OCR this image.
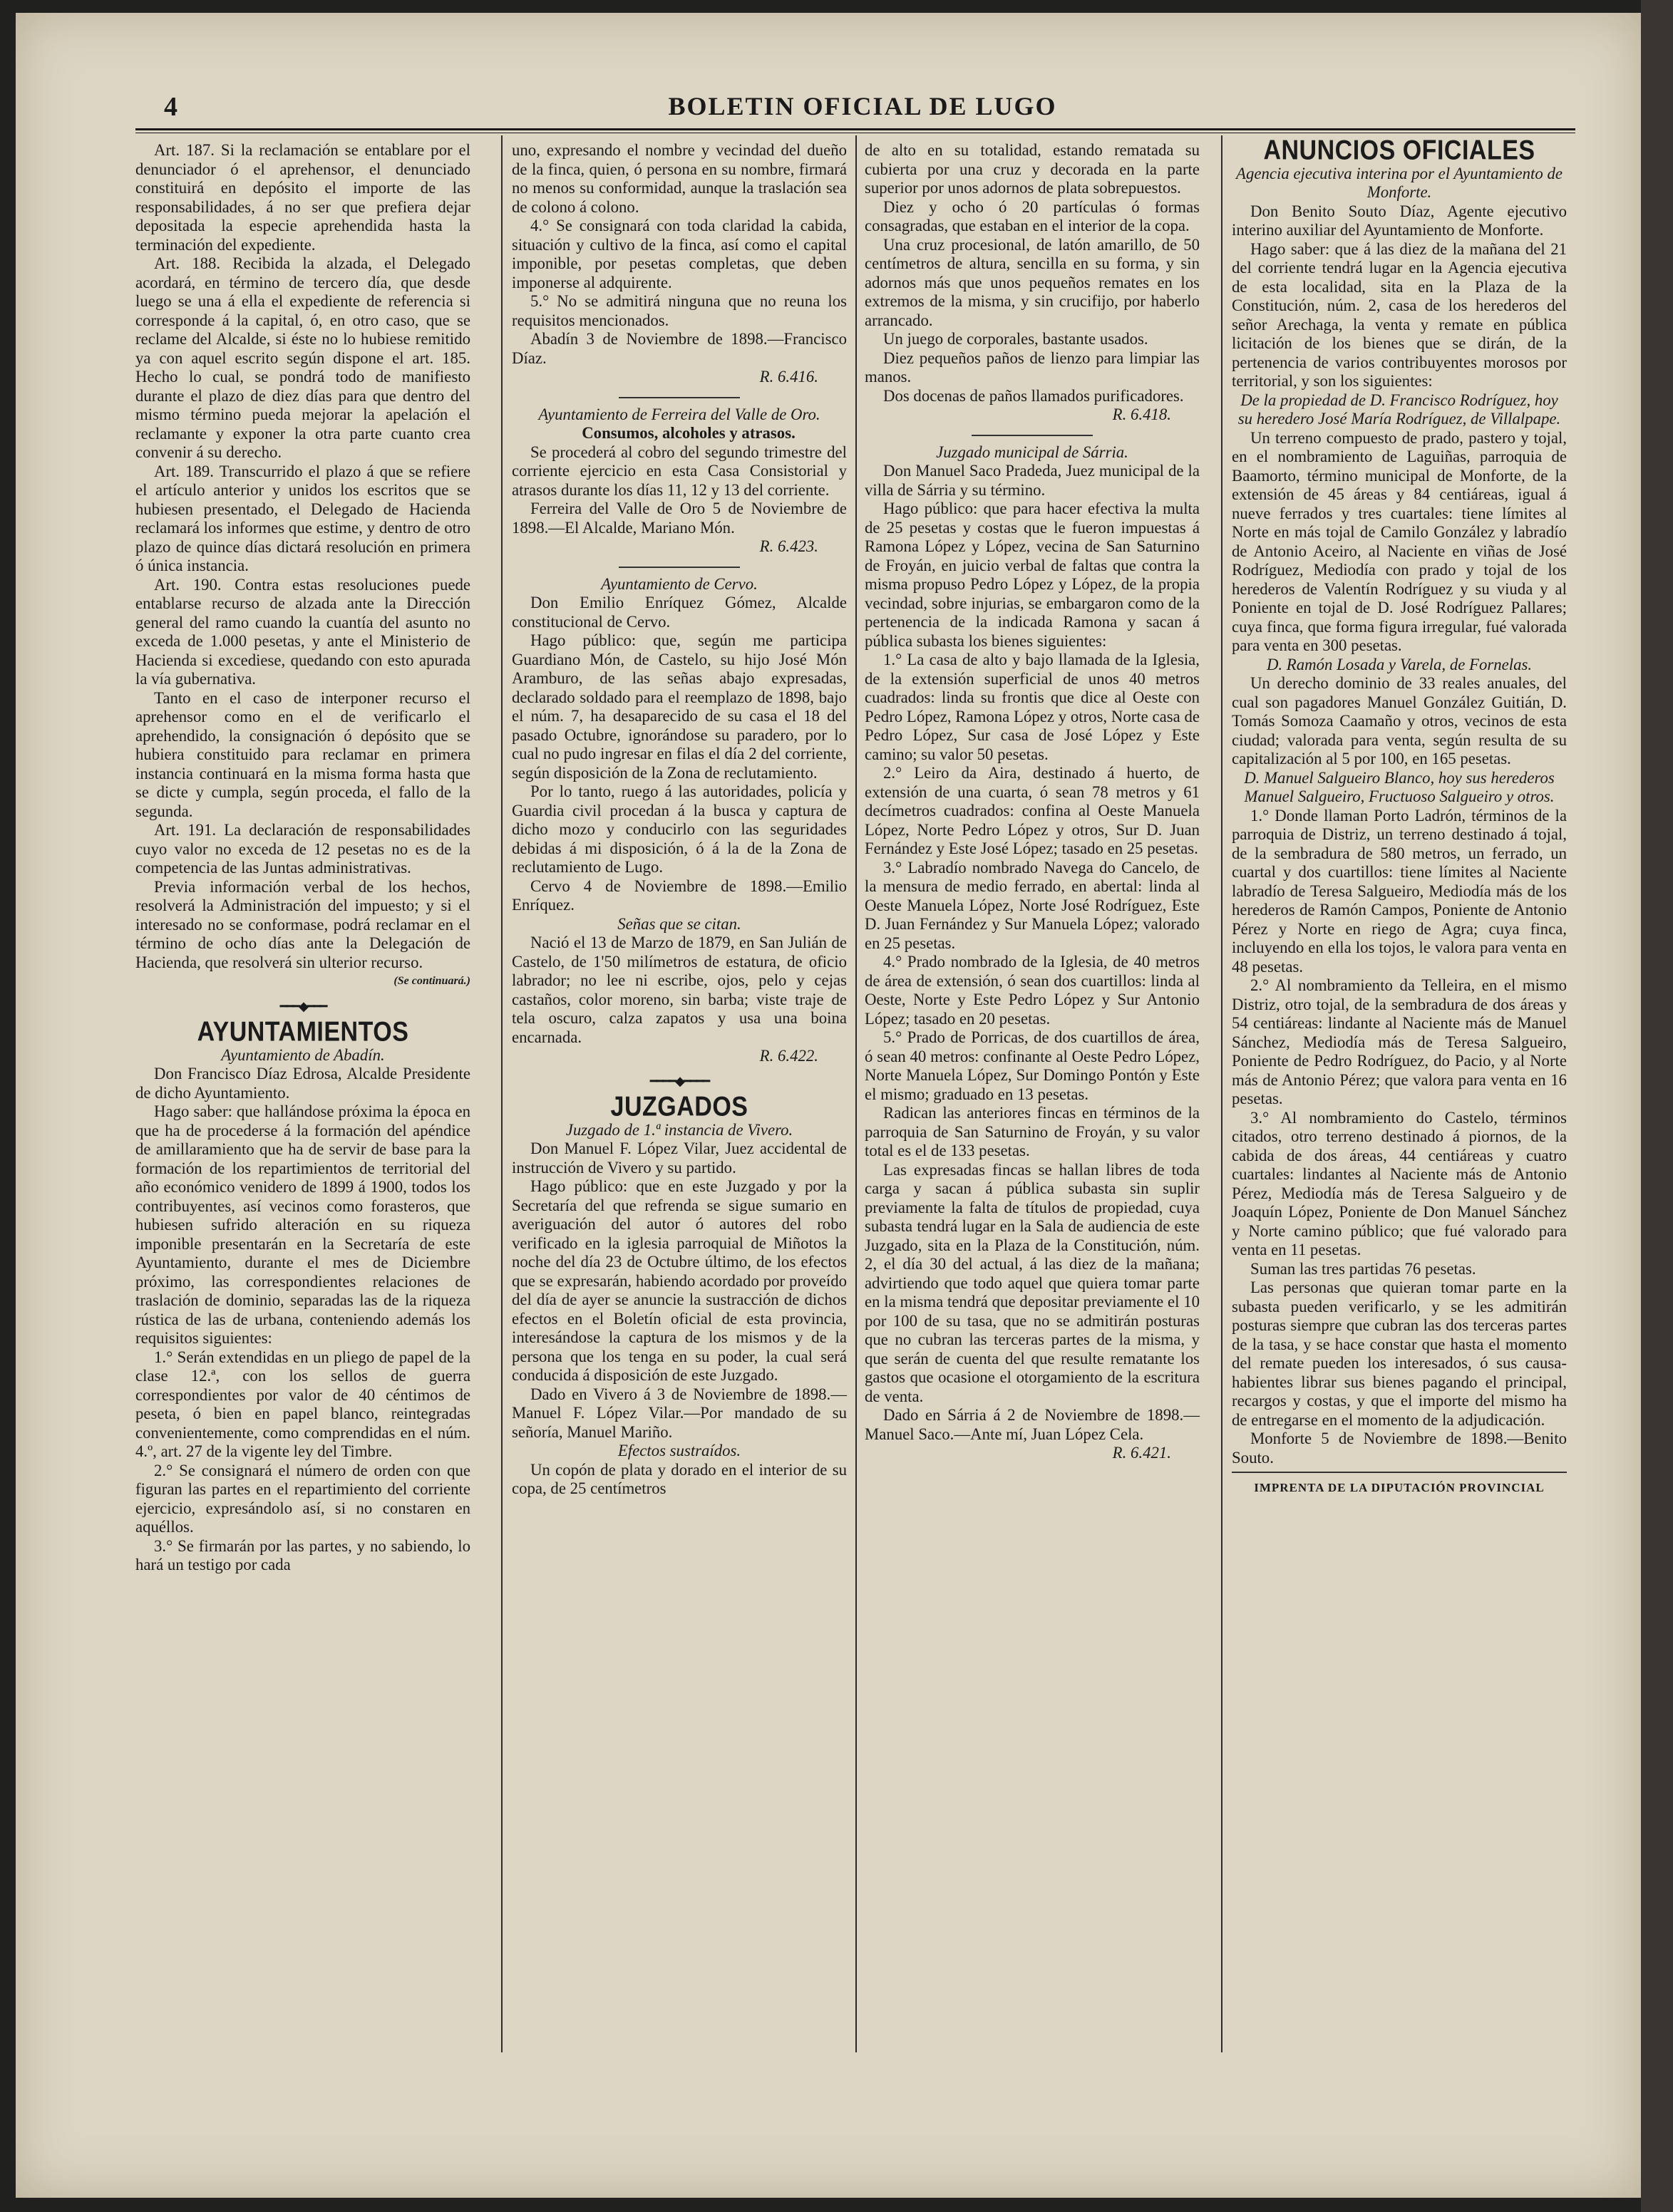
4	BOLETIN OFICIAL DE LUGO

Art. 187. Si la reclamación se entablare por el denunciador ó el aprehensor, el denunciado constituirá en depósito el importe de las responsabilidades, á no ser que prefiera dejar depositada la especie aprehendida hasta la terminación del expediente.

Art. 188. Recibida la alzada, el Delegado acordará, en término de tercero día, que desde luego se una á ella el expediente de referencia si corresponde á la capital, ó, en otro caso, que se reclame del Alcalde, si éste no lo hubiese remitido ya con aquel escrito según dispone el art. 185. Hecho lo cual, se pondrá todo de manifiesto durante el plazo de diez días para que dentro del mismo término pueda mejorar la apelación el reclamante y exponer la otra parte cuanto crea convenir á su derecho.

Art. 189. Transcurrido el plazo á que se refiere el artículo anterior y unidos los escritos que se hubiesen presentado, el Delegado de Hacienda reclamará los informes que estime, y dentro de otro plazo de quince días dictará resolución en primera ó única instancia.

Art. 190. Contra estas resoluciones puede entablarse recurso de alzada ante la Dirección general del ramo cuando la cuantía del asunto no exceda de 1.000 pesetas, y ante el Ministerio de Hacienda si excediese, quedando con esto apurada la vía gubernativa.

Tanto en el caso de interponer recurso el aprehensor como en el de verificarlo el aprehendido, la consignación ó depósito que se hubiera constituido para reclamar en primera instancia continuará en la misma forma hasta que se dicte y cumpla, según proceda, el fallo de la segunda.

Art. 191. La declaración de responsabilidades cuyo valor no exceda de 12 pesetas no es de la competencia de las Juntas administrativas.

Previa información verbal de los hechos, resolverá la Administración del impuesto; y si el interesado no se conformase, podrá reclamar en el término de ocho días ante la Delegación de Hacienda, que resolverá sin ulterior recurso.

(Se continuará.)
━━━◆━━━
AYUNTAMIENTOS

Ayuntamiento de Abadín.

Don Francisco Díaz Edrosa, Alcalde Presidente de dicho Ayuntamiento.

Hago saber: que hallándose próxima la época en que ha de procederse á la formación del apéndice de amillaramiento que ha de servir de base para la formación de los repartimientos de territorial del año económico venidero de 1899 á 1900, todos los contribuyentes, así vecinos como forasteros, que hubiesen sufrido alteración en su riqueza imponible presentarán en la Secretaría de este Ayuntamiento, durante el mes de Diciembre próximo, las correspondientes relaciones de traslación de dominio, separadas las de la riqueza rústica de las de urbana, conteniendo además los requisitos siguientes:

1.° Serán extendidas en un pliego de papel de la clase 12.ª, con los sellos de guerra correspondientes por valor de 40 céntimos de peseta, ó bien en papel blanco, reintegradas convenientemente, como comprendidas en el núm. 4.º, art. 27 de la vigente ley del Timbre.

2.° Se consignará el número de orden con que figuran las partes en el repartimiento del corriente ejercicio, expresándolo así, si no constaren en aquéllos.

3.° Se firmarán por las partes, y no sabiendo, lo hará un testigo por cada

uno, expresando el nombre y vecindad del dueño de la finca, quien, ó persona en su nombre, firmará no menos su conformidad, aunque la traslación sea de colono á colono.

4.° Se consignará con toda claridad la cabida, situación y cultivo de la finca, así como el capital imponible, por pesetas completas, que deben imponerse al adquirente.

5.° No se admitirá ninguna que no reuna los requisitos mencionados.

Abadín 3 de Noviembre de 1898.—Francisco Díaz.

R. 6.416.

Ayuntamiento de Ferreira del Valle de Oro.

Consumos, alcoholes y atrasos.

Se procederá al cobro del segundo trimestre del corriente ejercicio en esta Casa Consistorial y atrasos durante los días 11, 12 y 13 del corriente.

Ferreira del Valle de Oro 5 de Noviembre de 1898.—El Alcalde, Mariano Món.

R. 6.423.

Ayuntamiento de Cervo.

Don Emilio Enríquez Gómez, Alcalde constitucional de Cervo.

Hago público: que, según me participa Guardiano Món, de Castelo, su hijo José Món Aramburo, de las señas abajo expresadas, declarado soldado para el reemplazo de 1898, bajo el núm. 7, ha desaparecido de su casa el 18 del pasado Octubre, ignorándose su paradero, por lo cual no pudo ingresar en filas el día 2 del corriente, según disposición de la Zona de reclutamiento.

Por lo tanto, ruego á las autoridades, policía y Guardia civil procedan á la busca y captura de dicho mozo y conducirlo con las seguridades debidas á mi disposición, ó á la de la Zona de reclutamiento de Lugo.

Cervo 4 de Noviembre de 1898.—Emilio Enríquez.

Señas que se citan.

Nació el 13 de Marzo de 1879, en San Julián de Castelo, de 1'50 milímetros de estatura, de oficio labrador; no lee ni escribe, ojos, pelo y cejas castaños, color moreno, sin barba; viste traje de tela oscuro, calza zapatos y usa una boina encarnada.

R. 6.422.

━━━━◆━━━━
JUZGADOS

Juzgado de 1.ª instancia de Vivero.

Don Manuel F. López Vilar, Juez accidental de instrucción de Vivero y su partido.

Hago público: que en este Juzgado y por la Secretaría del que refrenda se sigue sumario en averiguación del autor ó autores del robo verificado en la iglesia parroquial de Miñotos la noche del día 23 de Octubre último, de los efectos que se expresarán, habiendo acordado por proveído del día de ayer se anuncie la sustracción de dichos efectos en el Boletín oficial de esta provincia, interesándose la captura de los mismos y de la persona que los tenga en su poder, la cual será conducida á disposición de este Juzgado.

Dado en Vivero á 3 de Noviembre de 1898.—Manuel F. López Vilar.—Por mandado de su señoría, Manuel Mariño.

Efectos sustraídos.

Un copón de plata y dorado en el interior de su copa, de 25 centímetros

de alto en su totalidad, estando rematada su cubierta por una cruz y decorada en la parte superior por unos adornos de plata sobrepuestos.

Diez y ocho ó 20 partículas ó formas consagradas, que estaban en el interior de la copa.

Una cruz procesional, de latón amarillo, de 50 centímetros de altura, sencilla en su forma, y sin adornos más que unos pequeños remates en los extremos de la misma, y sin crucifijo, por haberlo arrancado.

Un juego de corporales, bastante usados.

Diez pequeños paños de lienzo para limpiar las manos.

Dos docenas de paños llamados purificadores.

R. 6.418.

Juzgado municipal de Sárria.

Don Manuel Saco Pradeda, Juez municipal de la villa de Sárria y su término.

Hago público: que para hacer efectiva la multa de 25 pesetas y costas que le fueron impuestas á Ramona López y López, vecina de San Saturnino de Froyán, en juicio verbal de faltas que contra la misma propuso Pedro López y López, de la propia vecindad, sobre injurias, se embargaron como de la pertenencia de la indicada Ramona y sacan á pública subasta los bienes siguientes:

1.° La casa de alto y bajo llamada de la Iglesia, de la extensión superficial de unos 40 metros cuadrados: linda su frontis que dice al Oeste con Pedro López, Ramona López y otros, Norte casa de Pedro López, Sur casa de José López y Este camino; su valor 50 pesetas.

2.° Leiro da Aira, destinado á huerto, de extensión de una cuarta, ó sean 78 metros y 61 decímetros cuadrados: confina al Oeste Manuela López, Norte Pedro López y otros, Sur D. Juan Fernández y Este José López; tasado en 25 pesetas.

3.° Labradío nombrado Navega do Cancelo, de la mensura de medio ferrado, en abertal: linda al Oeste Manuela López, Norte José Rodríguez, Este D. Juan Fernández y Sur Manuela López; valorado en 25 pesetas.

4.° Prado nombrado de la Iglesia, de 40 metros de área de extensión, ó sean dos cuartillos: linda al Oeste, Norte y Este Pedro López y Sur Antonio López; tasado en 20 pesetas.

5.° Prado de Porricas, de dos cuartillos de área, ó sean 40 metros: confinante al Oeste Pedro López, Norte Manuela López, Sur Domingo Pontón y Este el mismo; graduado en 13 pesetas.

Radican las anteriores fincas en términos de la parroquia de San Saturnino de Froyán, y su valor total es el de 133 pesetas.

Las expresadas fincas se hallan libres de toda carga y sacan á pública subasta sin suplir previamente la falta de títulos de propiedad, cuya subasta tendrá lugar en la Sala de audiencia de este Juzgado, sita en la Plaza de la Constitución, núm. 2, el día 30 del actual, á las diez de la mañana; advirtiendo que todo aquel que quiera tomar parte en la misma tendrá que depositar previamente el 10 por 100 de su tasa, que no se admitirán posturas que no cubran las terceras partes de la misma, y que serán de cuenta del que resulte rematante los gastos que ocasione el otorgamiento de la escritura de venta.

Dado en Sárria á 2 de Noviembre de 1898.—Manuel Saco.—Ante mí, Juan López Cela.

R. 6.421.

ANUNCIOS OFICIALES

Agencia ejecutiva interina por el Ayuntamiento de Monforte.

Don Benito Souto Díaz, Agente ejecutivo interino auxiliar del Ayuntamiento de Monforte.

Hago saber: que á las diez de la mañana del 21 del corriente tendrá lugar en la Agencia ejecutiva de esta localidad, sita en la Plaza de la Constitución, núm. 2, casa de los herederos del señor Arechaga, la venta y remate en pública licitación de los bienes que se dirán, de la pertenencia de varios contribuyentes morosos por territorial, y son los siguientes:

De la propiedad de D. Francisco Rodríguez, hoy su heredero José María Rodríguez, de Villalpape.

Un terreno compuesto de prado, pastero y tojal, en el nombramiento de Laguiñas, parroquia de Baamorto, término municipal de Monforte, de la extensión de 45 áreas y 84 centiáreas, igual á nueve ferrados y tres cuartales: tiene límites al Norte en más tojal de Camilo González y labradío de Antonio Aceiro, al Naciente en viñas de José Rodríguez, Mediodía con prado y tojal de los herederos de Valentín Rodríguez y su viuda y al Poniente en tojal de D. José Rodríguez Pallares; cuya finca, que forma figura irregular, fué valorada para venta en 300 pesetas.

D. Ramón Losada y Varela, de Fornelas.

Un derecho dominio de 33 reales anuales, del cual son pagadores Manuel González Guitián, D. Tomás Somoza Caamaño y otros, vecinos de esta ciudad; valorada para venta, según resulta de su capitalización al 5 por 100, en 165 pesetas.

D. Manuel Salgueiro Blanco, hoy sus herederos Manuel Salgueiro, Fructuoso Salgueiro y otros.

1.° Donde llaman Porto Ladrón, términos de la parroquia de Distriz, un terreno destinado á tojal, de la sembradura de 580 metros, un ferrado, un cuartal y dos cuartillos: tiene límites al Naciente labradío de Teresa Salgueiro, Mediodía más de los herederos de Ramón Campos, Poniente de Antonio Pérez y Norte en riego de Agra; cuya finca, incluyendo en ella los tojos, le valora para venta en 48 pesetas.

2.° Al nombramiento da Telleira, en el mismo Distriz, otro tojal, de la sembradura de dos áreas y 54 centiáreas: lindante al Naciente más de Manuel Sánchez, Mediodía más de Teresa Salgueiro, Poniente de Pedro Rodríguez, do Pacio, y al Norte más de Antonio Pérez; que valora para venta en 16 pesetas.

3.° Al nombramiento do Castelo, términos citados, otro terreno destinado á piornos, de la cabida de dos áreas, 44 centiáreas y cuatro cuartales: lindantes al Naciente más de Antonio Pérez, Mediodía más de Teresa Salgueiro y de Joaquín López, Poniente de Don Manuel Sánchez y Norte camino público; que fué valorado para venta en 11 pesetas.

Suman las tres partidas 76 pesetas.

Las personas que quieran tomar parte en la subasta pueden verificarlo, y se les admitirán posturas siempre que cubran las dos terceras partes de la tasa, y se hace constar que hasta el momento del remate pueden los interesados, ó sus causa-habientes librar sus bienes pagando el principal, recargos y costas, y que el importe del mismo ha de entregarse en el momento de la adjudicación.

Monforte 5 de Noviembre de 1898.—Benito Souto.

IMPRENTA DE LA DIPUTACIÓN PROVINCIAL
